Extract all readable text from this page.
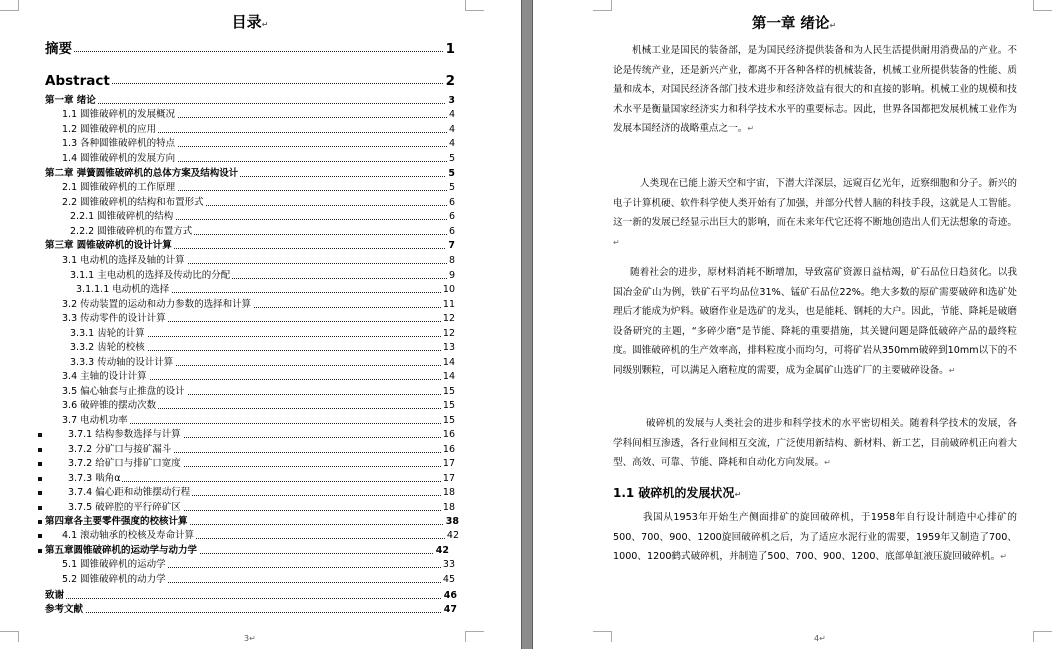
目录↵
摘要	1
Abstract	2
第一章 绪论	3
1.1 圆锥破碎机的发展概况	4
1.2 圆锥破碎机的应用	4
1.3 各种圆锥破碎机的特点	4
1.4 圆锥破碎机的发展方向	5
第二章 弹簧圆锥破碎机的总体方案及结构设计	5
2.1 圆锥破碎机的工作原理	5
2.2 圆锥破碎机的结构和布置形式	6
2.2.1 圆锥破碎机的结构	6
2.2.2 圆锥破碎机的布置方式	6
第三章 圆锥破碎机的设计计算	7
3.1 电动机的选择及轴的计算	8
3.1.1 主电动机的选择及传动比的分配	9
3.1.1.1 电动机的选择	10
3.2 传动装置的运动和动力参数的选择和计算	11
3.3 传动零件的设计计算	12
3.3.1 齿轮的计算	12
3.3.2 齿轮的校核	13
3.3.3 传动轴的设计计算	14
3.4 主轴的设计计算	14
3.5 偏心轴套与止推盘的设计	15
3.6 破碎锥的摆动次数	15
3.7 电动机功率	15
3.7.1 结构参数选择与计算	16
3.7.2 分矿口与接矿漏斗	16
3.7.2 给矿口与排矿口宽度	17
3.7.3 啮角α	17
3.7.4 偏心距和动锥摆动行程	18
3.7.5 破碎腔的平行碎矿区	18
第四章各主要零件强度的校核计算	38
4.1 滚动轴承的校核及寿命计算	42
第五章圆锥破碎机的运动学与动力学	42
5.1 圆锥破碎机的运动学	33
5.2 圆锥破碎机的动力学	45
致谢	46
参考文献	47
3↵
第一章 绪论↵

机械工业是国民的装备部，是为国民经济提供装备和为人民生活提供耐用消费品的产业。不论是传统产业，还是新兴产业，都离不开各种各样的机械装备，机械工业所提供装备的性能、质量和成本，对国民经济各部门技术进步和经济效益有很大的和直接的影响。机械工业的规模和技术水平是衡量国家经济实力和科学技术水平的重要标志。因此，世界各国都把发展机械工业作为发展本国经济的战略重点之一。↵

人类现在已能上游天空和宇宙，下潜大洋深层，远窥百亿光年，近察细胞和分子。新兴的电子计算机硬、软件科学使人类开始有了加强，并部分代替人脑的科技手段，这就是人工智能。这一新的发展已经显示出巨大的影响，而在未来年代它还将不断地创造出人们无法想象的奇迹。↵

随着社会的进步，原材料消耗不断增加，导致富矿资源日益枯竭，矿石品位日趋贫化。以我国冶金矿山为例，铁矿石平均品位31%、锰矿石品位22%。绝大多数的原矿需要破碎和选矿处理后才能成为炉料。破磨作业是选矿的龙头，也是能耗、钢耗的大户。因此，节能、降耗是破磨设备研究的主题，“多碎少磨”是节能、降耗的重要措施，其关键问题是降低破碎产品的最终粒度。圆锥破碎机的生产效率高，排料粒度小而均匀，可将矿岩从350mm破碎到10mm以下的不同级别颗粒，可以满足入磨粒度的需要，成为金属矿山选矿厂的主要破碎设备。↵

破碎机的发展与人类社会的进步和科学技术的水平密切相关。随着科学技术的发展，各学科间相互渗透，各行业间相互交流，广泛使用新结构、新材料、新工艺，目前破碎机正向着大型、高效、可靠、节能、降耗和自动化方向发展。↵

1.1 破碎机的发展状况↵

我国从1953年开始生产侧面排矿的旋回破碎机，于1958年自行设计制造中心排矿的500、700、900、1200旋回破碎机之后，为了适应水泥行业的需要，1959年又制造了700、1000、1200鹤式破碎机，并制造了500、700、900、1200、底部单缸液压旋回破碎机。↵

4↵
